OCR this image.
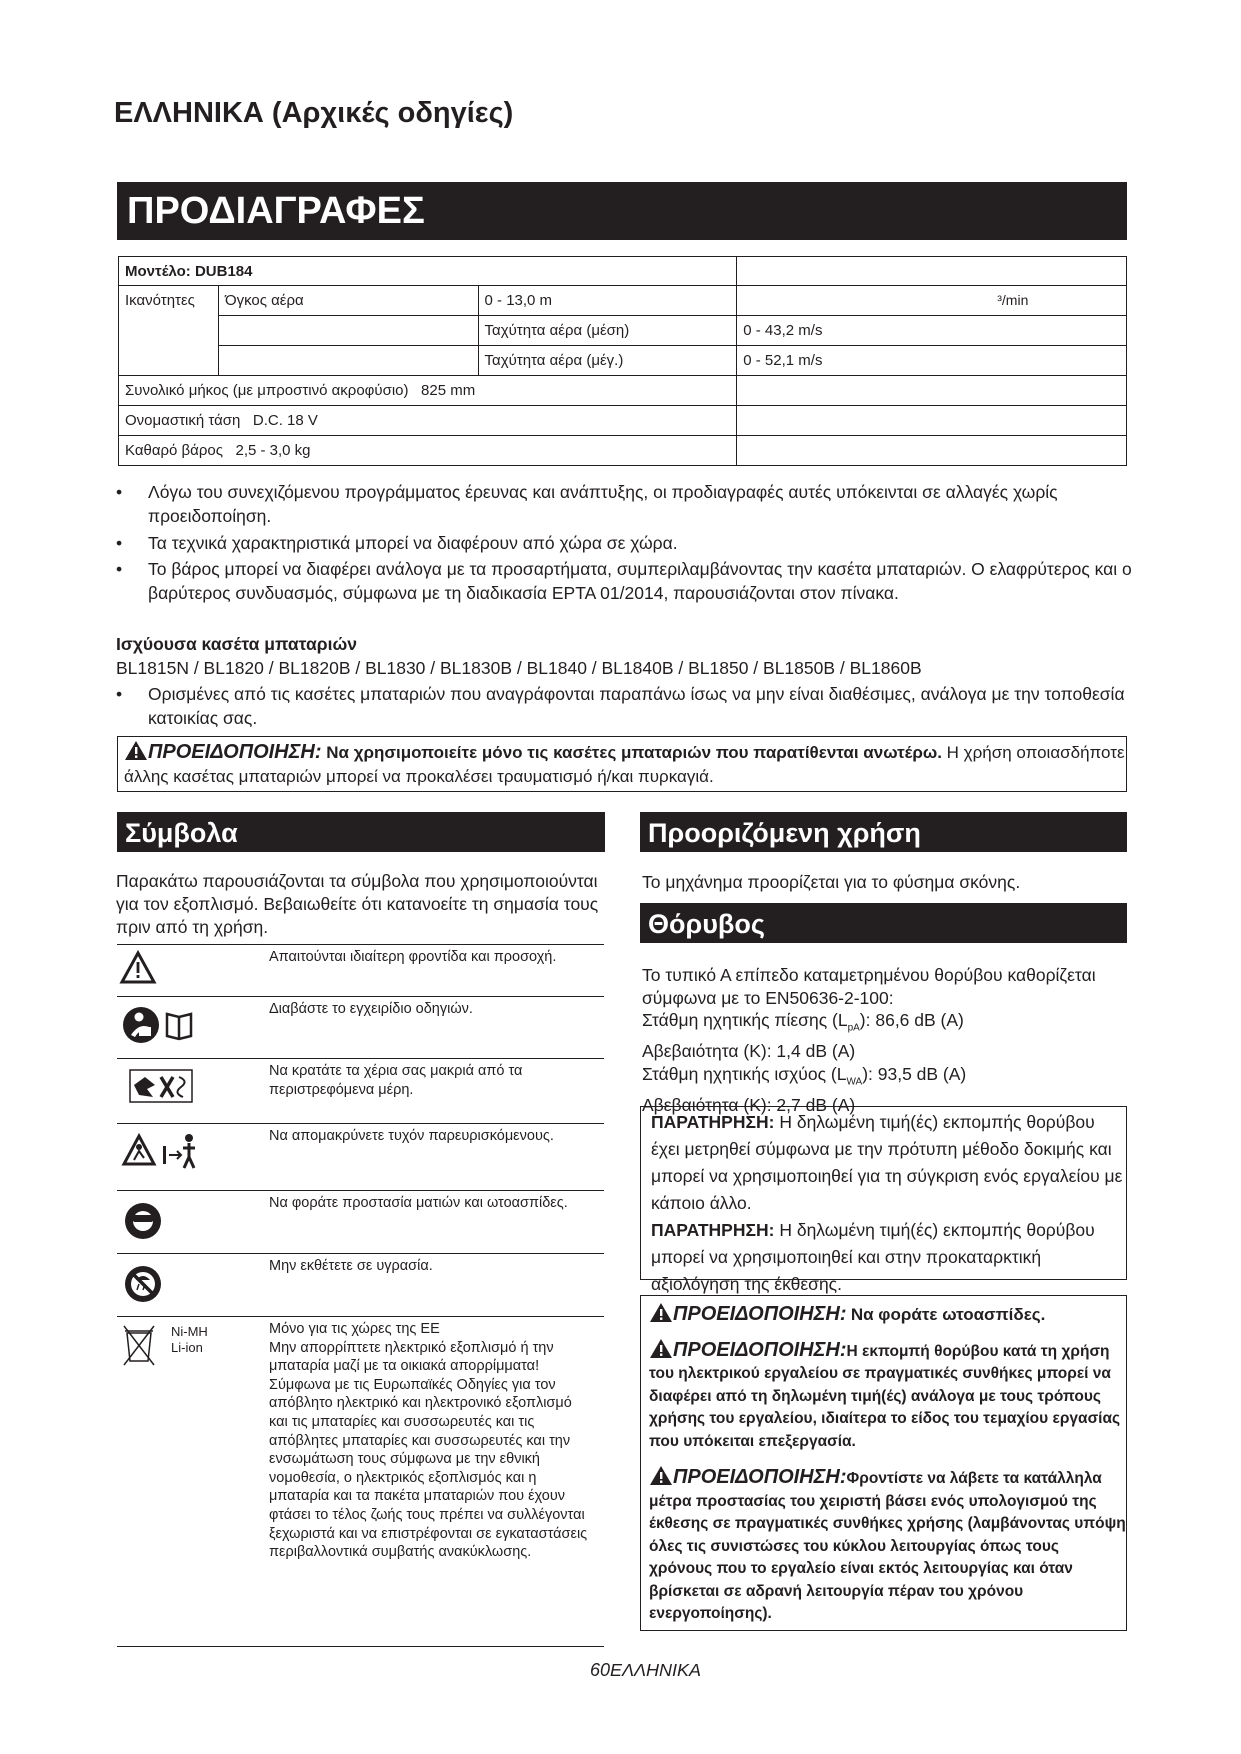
ΕΛΛΗΝΙΚΑ (Αρχικές οδηγίες)
ΠΡΟΔΙΑΓΡΑΦΕΣ
Μοντέλο: DUB184			
Ικανότητες	Όγκος αέρα	0 - 13,0 m	³/min
		Ταχύτητα αέρα (μέση)	0 - 43,2 m/s
		Ταχύτητα αέρα (μέγ.)	0 - 52,1 m/s
Συνολικό μήκος (με μπροστινό ακροφύσιο) 825 mm			
Ονομαστική τάση D.C. 18 V			
Καθαρό βάρος 2,5 - 3,0 kg			
• Λόγω του συνεχιζόμενου προγράμματος έρευνας και ανάπτυξης, οι προδιαγραφές αυτές υπόκεινται σε αλλαγές χωρίς προειδοποίηση.
• Τα τεχνικά χαρακτηριστικά μπορεί να διαφέρουν από χώρα σε χώρα.
• Το βάρος μπορεί να διαφέρει ανάλογα με τα προσαρτήματα, συμπεριλαμβάνοντας την κασέτα μπαταριών. Ο ελαφρύτερος και ο βαρύτερος συνδυασμός, σύμφωνα με τη διαδικασία EPTA 01/2014, παρουσιάζονται στον πίνακα.
Ισχύουσα κασέτα μπαταριών
BL1815N / BL1820 / BL1820B / BL1830 / BL1830B / BL1840 / BL1840B / BL1850 / BL1850B / BL1860B
• Ορισμένες από τις κασέτες μπαταριών που αναγράφονται παραπάνω ίσως να μην είναι διαθέσιμες, ανάλογα με την τοποθεσία κατοικίας σας.
ΠΡΟΕΙΔΟΠΟΙΗΣΗ: Να χρησιμοποιείτε μόνο τις κασέτες μπαταριών που παρατίθενται ανωτέρω. Η χρήση οποιασδήποτε άλλης κασέτας μπαταριών μπορεί να προκαλέσει τραυματισμό ή/και πυρκαγιά.
Σύμβολα	Προοριζόμενη χρήση
Θόρυβος
Παρακάτω παρουσιάζονται τα σύμβολα που χρησιμοποιούνται για τον εξοπλισμό. Βεβαιωθείτε ότι κατανοείτε τη σημασία τους πριν από τη χρήση.
Απαιτούνται ιδιαίτερη φροντίδα και προσοχή.
Διαβάστε το εγχειρίδιο οδηγιών.
Να κρατάτε τα χέρια σας μακριά από τα περιστρεφόμενα μέρη.
Να απομακρύνετε τυχόν παρευρισκόμενους.
Να φοράτε προστασία ματιών και ωτοασπίδες.
Μην εκθέτετε σε υγρασία.
Ni-MH
Li-ion
Μόνο για τις χώρες της ΕΕ
Μην απορρίπτετε ηλεκτρικό εξοπλισμό ή την μπαταρία μαζί με τα οικιακά απορρίμματα!
Σύμφωνα με τις Ευρωπαϊκές Οδηγίες για τον απόβλητο ηλεκτρικό και ηλεκτρονικό εξοπλισμό και τις μπαταρίες και συσσωρευτές και τις απόβλητες μπαταρίες και συσσωρευτές και την ενσωμάτωση τους σύμφωνα με την εθνική νομοθεσία, ο ηλεκτρικός εξοπλισμός και η μπαταρία και τα πακέτα μπαταριών που έχουν φτάσει το τέλος ζωής τους πρέπει να συλλέγονται ξεχωριστά και να επιστρέφονται σε εγκαταστάσεις περιβαλλοντικά συμβατής ανακύκλωσης.
Το μηχάνημα προορίζεται για το φύσημα σκόνης.
Το τυπικό Α επίπεδο καταμετρημένου θορύβου καθορίζεται σύμφωνα με το EN50636-2-100:
Στάθμη ηχητικής πίεσης $(L_{pA})$: 86,6 dB (A)
Αβεβαιότητα (K): 1,4 dB (A)
Στάθμη ηχητικής ισχύος $(L_{WA})$: 93,5 dB (A)
Αβεβαιότητα (K): 2,7 dB (A)
ΠΑΡΑΤΗΡΗΣΗ: Η δηλωμένη τιμή(ές) εκπομπής θορύβου έχει μετρηθεί σύμφωνα με την πρότυπη μέθοδο δοκιμής και μπορεί να χρησιμοποιηθεί για τη σύγκριση ενός εργαλείου με κάποιο άλλο.
ΠΑΡΑΤΗΡΗΣΗ: Η δηλωμένη τιμή(ές) εκπομπής θορύβου μπορεί να χρησιμοποιηθεί και στην προκαταρκτική αξιολόγηση της έκθεσης.
ΠΡΟΕΙΔΟΠΟΙΗΣΗ: Να φοράτε ωτοασπίδες.
ΠΡΟΕΙΔΟΠΟΙΗΣΗ:Η εκπομπή θορύβου κατά τη χρήση του ηλεκτρικού εργαλείου σε πραγματικές συνθήκες μπορεί να διαφέρει από τη δηλωμένη τιμή(ές) ανάλογα με τους τρόπους χρήσης του εργαλείου, ιδιαίτερα το είδος του τεμαχίου εργασίας που υπόκειται επεξεργασία.
ΠΡΟΕΙΔΟΠΟΙΗΣΗ:Φροντίστε να λάβετε τα κατάλληλα μέτρα προστασίας του χειριστή βάσει ενός υπολογισμού της έκθεσης σε πραγματικές συνθήκες χρήσης (λαμβάνοντας υπόψη όλες τις συνιστώσες του κύκλου λειτουργίας όπως τους χρόνους που το εργαλείο είναι εκτός λειτουργίας και όταν βρίσκεται σε αδρανή λειτουργία πέραν του χρόνου ενεργοποίησης).
60ΕΛΛΗΝΙΚΑ
